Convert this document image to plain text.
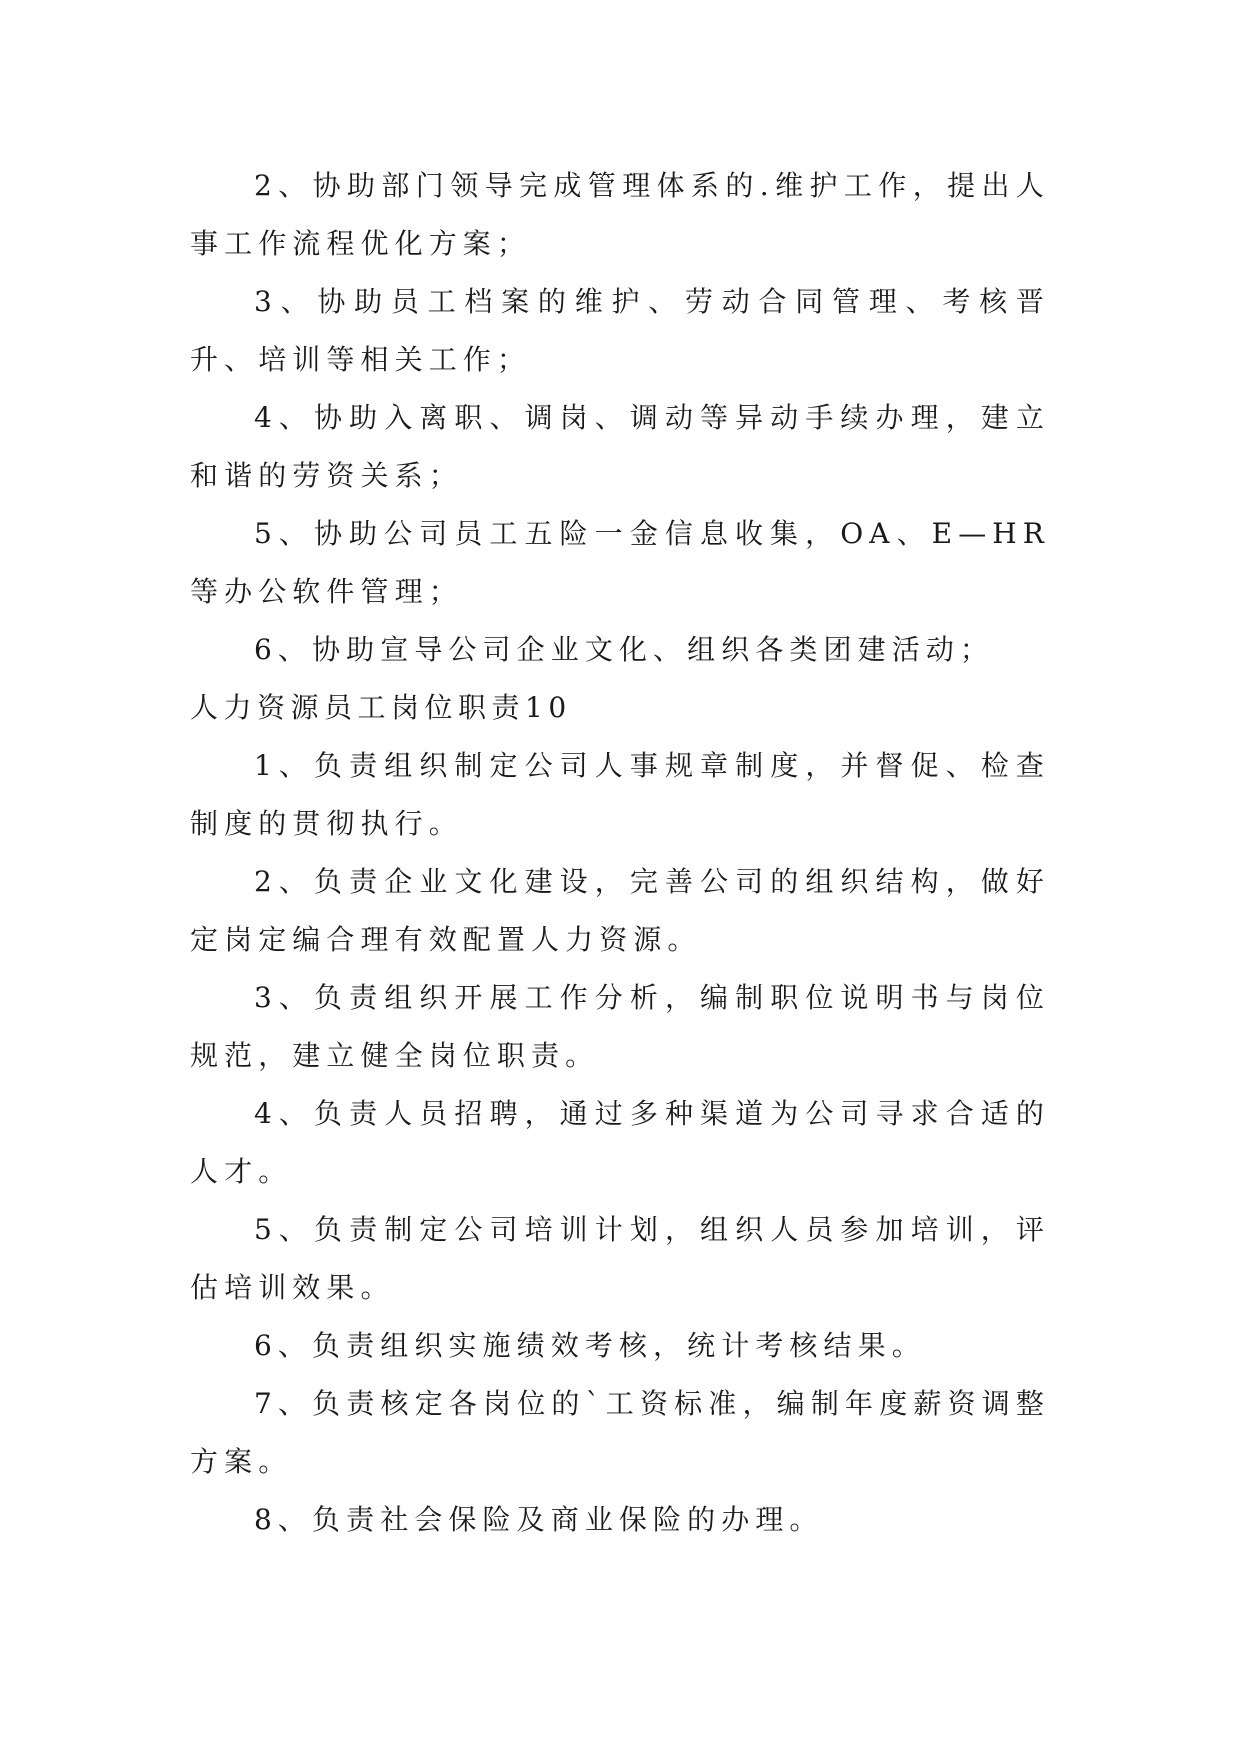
2、协助部门领导完成管理体系的.维护工作，提出人事工作流程优化方案；

3、协助员工档案的维护、劳动合同管理、考核晋升、培训等相关工作；

4、协助入离职、调岗、调动等异动手续办理，建立和谐的劳资关系；

5、协助公司员工五险一金信息收集，OA、E—HR等办公软件管理；

6、协助宣导公司企业文化、组织各类团建活动；

人力资源员工岗位职责10

1、负责组织制定公司人事规章制度，并督促、检查制度的贯彻执行。

2、负责企业文化建设，完善公司的组织结构，做好定岗定编合理有效配置人力资源。

3、负责组织开展工作分析，编制职位说明书与岗位规范，建立健全岗位职责。

4、负责人员招聘，通过多种渠道为公司寻求合适的人才。

5、负责制定公司培训计划，组织人员参加培训，评估培训效果。

6、负责组织实施绩效考核，统计考核结果。

7、负责核定各岗位的`工资标准，编制年度薪资调整方案。

8、负责社会保险及商业保险的办理。
